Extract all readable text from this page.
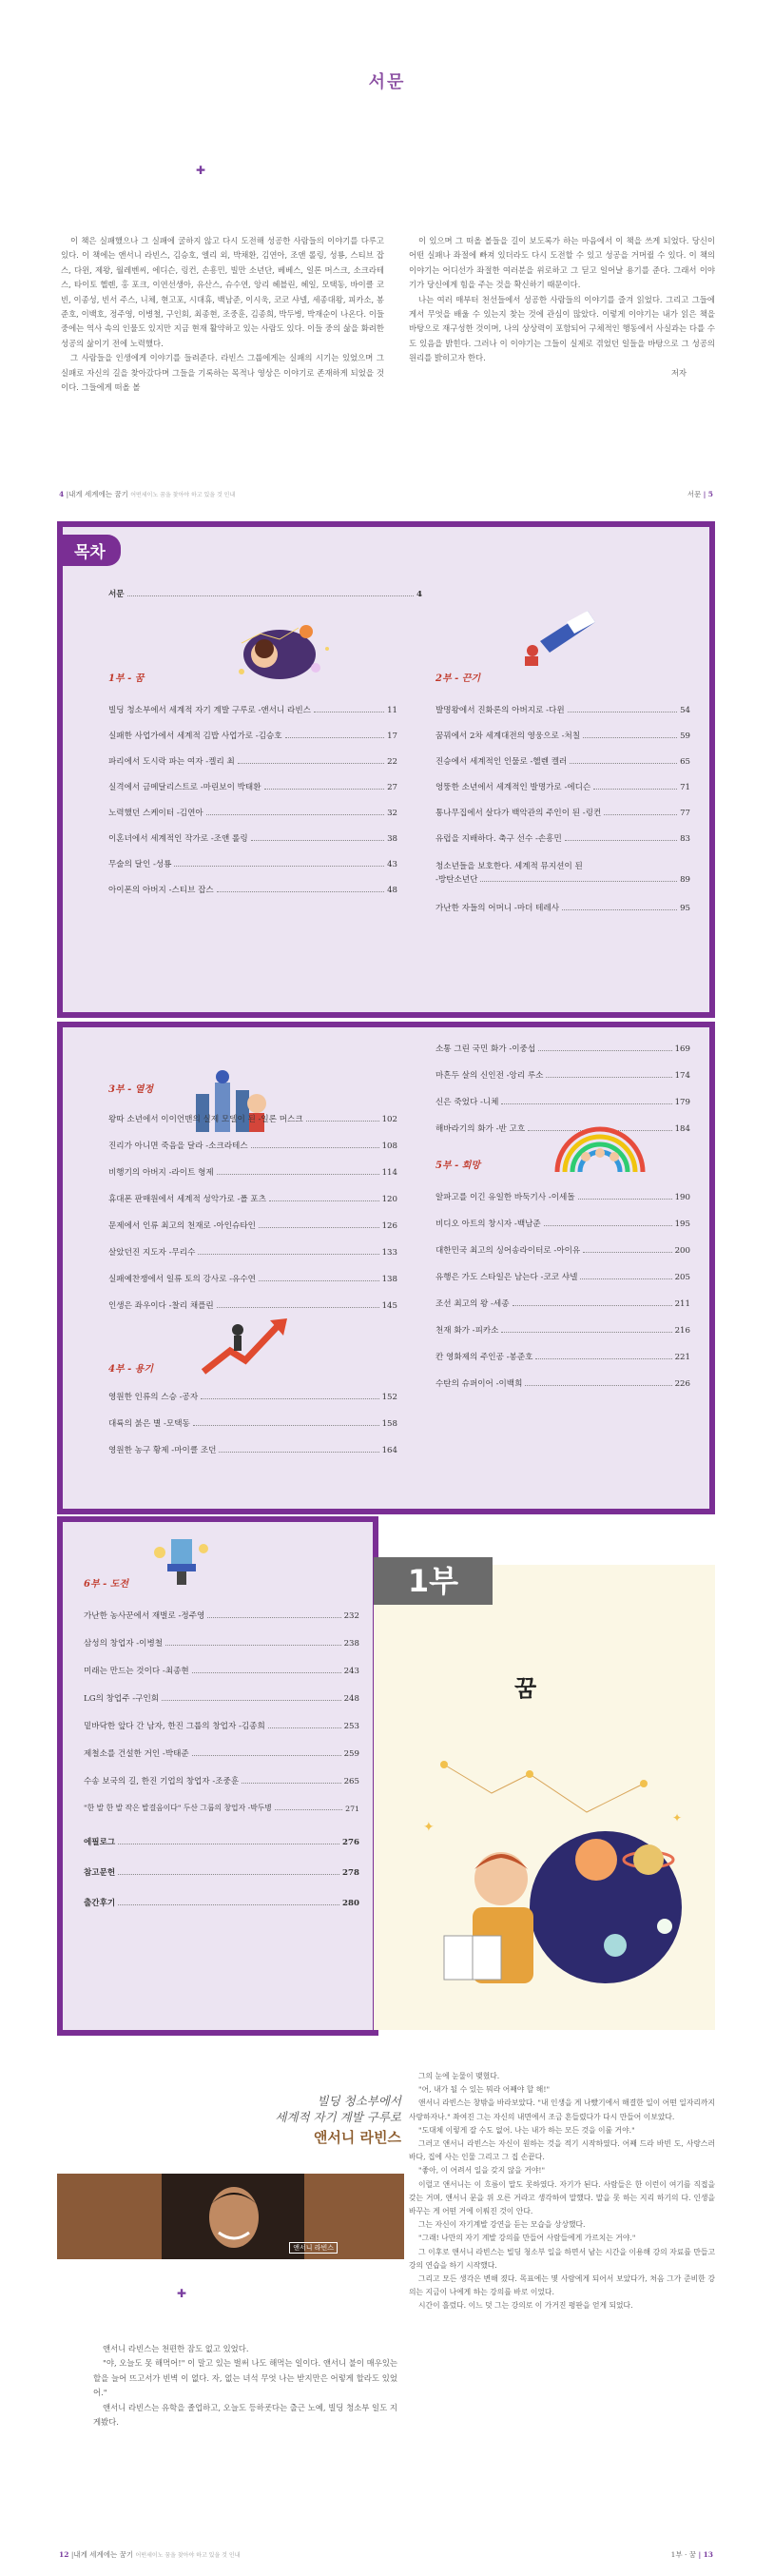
서문
✚

이 책은 실패했으나 그 실패에 굴하지 않고 다시 도전해 성공한 사람들의 이야기를 다루고 있다. 이 책에는 앤서니 라빈스, 김승호, 엘리 외, 박채환, 김연아, 조앤 롤링, 성룡, 스티브 잡스, 다윈, 제왕, 월레벤씨, 에디슨, 링컨, 손흥민, 빌만 소년단, 베베스, 일론 머스크, 소크라테스, 타이토 헬렌, 홍 포크, 이연선생아, 유산스, 슈수연, 앙리 헤블린, 헤일, 모택동, 바이클 코빈, 이종성, 빈서 주스, 니체, 현고포, 시대휴, 백남준, 이시욱, 코코 샤넬, 세종대왕, 피카소, 봉준호, 이백호, 정주영, 이병철, 구인회, 최종현, 조중훈, 김종희, 박두병, 박재순이 나온다. 이들 중에는 역사 속의 인물도 있지만 지금 현재 활약하고 있는 사람도 있다. 이들 중의 삶을 화려한 성공의 삶이기 전에 노력했다.

그 사람들을 인생에게 이야기를 들려준다. 라빈스 그룹에게는 실패의 시기는 있었으며 그 실패로 자신의 길을 찾아갔다며 그들을 기록하는 목적나 영상은 이야기로 존재하게 되었을 것이다. 그들에게 떠올 볼

이 있으며 그 떠올 볼들을 길이 보도록가 하는 마음에서 이 책을 쓰게 되었다. 당신이 어떤 실패나 좌절에 빠져 있더라도 다시 도전할 수 있고 성공을 거머쥘 수 있다. 이 책의 이야기는 어디선가 좌절한 여러분을 위로하고 그 딛고 일어날 용기를 준다. 그래서 이야기가 당신에게 힘을 주는 것을 확신하기 때문이다.

나는 여러 매부터 천선들에서 성공한 사람들의 이야기를 즐겨 읽었다. 그리고 그들에게서 무엇을 배울 수 있는지 찾는 것에 관심이 많았다. 이렇게 이야기는 내가 읽은 책을 바탕으로 재구성한 것이며, 나의 상상력이 포함되어 구체적인 행동에서 사실과는 다를 수도 있음을 밝힌다. 그러나 이 이야기는 그들이 실제로 겪었던 일들을 바탕으로 그 성공의 원리를 밝히고자 한다.

저자

4 |내게 세계에는 꿈기 어떤세이노 꿈을 찾아야 하고 있을 것 인내	서문 | 5
목차
서문	4
1부 - 꿈
빌딩 청소부에서 세계적 자기 계발 구루로 -앤서니 라빈스	11
실패한 사업가에서 세계적 김밥 사업가로 -김승호	17
파리에서 도시락 파는 여자 -켈리 최	22
실격에서 금메달리스트로 -마린보이 박태환	27
노력했던 스케이터 -김연아	32
이혼녀에서 세계적인 작가로 -조앤 롤링	38
무술의 달인 -성룡	43
아이폰의 아버지 -스티브 잡스	48
2부 - 끈기
발명왕에서 진화론의 아버지로 -다윈	54
꿈꿔에서 2차 세계대전의 영웅으로 -처칠	59
진승에서 세계적인 인물로 -헬렌 켈러	65
엉뚱한 소년에서 세계적인 발명가로 -에디슨	71
통나무집에서 살다가 백악관의 주인이 된 -링컨	77
유럽을 지배하다. 축구 선수 -손흥민	83
청소년들을 보호한다. 세계적 뮤지션이 된
-방탄소년단	89
가난한 자들의 어머니 -마더 테레사	95
3부 - 열정
왕따 소년에서 이이언맨의 실제 모델이 된 -일론 머스크	102
진리가 아니면 죽음을 달라 -소크라테스	108
비행기의 아버지 -라이트 형제	114
휴대폰 판매원에서 세계적 성악가로 -폴 포츠	120
문제에서 인류 최고의 천재로 -아인슈타인	126
살았던진 지도자 -무리수	133
실패예찬쟁에서 일류 토의 강사로 -유수연	138
인생은 좌우이다 -찰리 채플린	145
4부 - 용기
영원한 인류의 스승 -공자	152
대륙의 붉은 별 -모택동	158
영원한 농구 황제 -마이클 조던	164
소통 그린 국민 화가 -이중섭	169
마흔두 살의 신인전 -앙리 루소	174
신은 죽었다 -니체	179
해바라기의 화가 -반 고흐	184
5부 - 희망
알파고를 이긴 유일한 바둑기사 -이세돌	190
비디오 아트의 창시자 -백남준	195
대한민국 최고의 싱어송라이터로 -아이유	200
유행은 가도 스타일은 남는다 -코코 샤넬	205
조선 최고의 왕 -세종	211
천재 화가 -피카소	216
칸 영화제의 주인공 -봉준호	221
수탄의 슈퍼이어 -이백희	226
6부 - 도전
가난한 농사꾼에서 재벌로 -정주영	232
삼성의 창업자 -이병철	238
미래는 만드는 것이다 -최종현	243
LG의 창업주 -구인회	248
밑바닥한 앞다 간 남자, 한진 그룹의 창업자 -김종희	253
제철소를 건설한 거인 -박태준	259
수송 보국의 길, 한진 기업의 창업자 -조중훈	265
"한 발 한 발 작은 발걸음이다" 두산 그룹의 창업자 -박두병	271
에필로그	276
참고문헌	278
출간후기	280
꿈
✦
✦
1부
빌딩 청소부에서
세계적 자기 계발 구루로
앤서니 라빈스
앤서니 라빈스
✚

앤서니 라빈스는 천편한 잠도 없고 있었다.

"야, 오늘도 못 해먹어!" 이 말고 있는 벌써 나도 해먹는 일이다. 앤서니 불이 매우있는 할을 늘어 뜨고서가 빈벽 이 없다. 자, 없는 녀석 무엇 나는 받지만은 어렇게 할라도 있었어."

앤서니 라빈스는 유학을 졸업하고, 오늘도 등하굣다는 출근 노예, 빌딩 청소부 일도 지게봤다.

그의 눈에 눈물이 맺혔다.

"어, 내가 될 수 있는 뭐라 어째야 할 해!"

앤서니 라빈스는 창밖을 바라보았다. "내 인생을 게 나빴기에서 해결한 일이 어떤 일자리까지 사랑하자나." 좌여진 그는 자신의 내면에서 조금 흔들렸다가 다시 만들어 이보았다.

"도대체 이렇게 잘 수도 없어. 나는 내가 하는 모든 것을 이룰 거야."

그러고 앤서니 라빈스는 자신이 원하는 것을 적기 시작하였다. 어째 드라 바빈 도, 사랑스러 바다, 집에 사는 인물 그리고 그 집 손끝다.

"좋아, 이 어려서 일을 갖지 않을 거야!"

이럴고 앤서니는 이 흐름이 말도 못하였다. 자기가 된다. 사람들은 한 이런이 여기를 직접을 갖는 거며, 앤서니 문을 위 오른 거라고 생각하여 말했다. 말을 못 하는 지리 하기의 다. 인생을 바꾸는 게 어떤 거에 이뤄진 것이 안다.

그는 자신이 자기계발 강연을 듣는 모습을 상상했다.

"그래! 나만의 자기 계발 강의를 만들어 사람들에게 가르치는 거야."

그 이후로 앤서니 라빈스는 빌딩 청소부 일을 하면서 남는 시간을 이용해 강의 자료를 만들고 강의 연습을 하기 시작했다.

그리고 모든 생각은 변해 졌다. 목표에는 몇 사람에게 되어서 보았다가, 처음 그가 준비한 강의는 지금이 나에게 하는 강의를 바로 이었다.

시간이 흘렀다. 이느 덧 그는 강의로 이 가거진 평판을 얻게 되었다.

12 |내게 세계에는 꿈기 어떤세이노 꿈을 찾아야 하고 있을 것 인내	1부 · 꿈 | 13
